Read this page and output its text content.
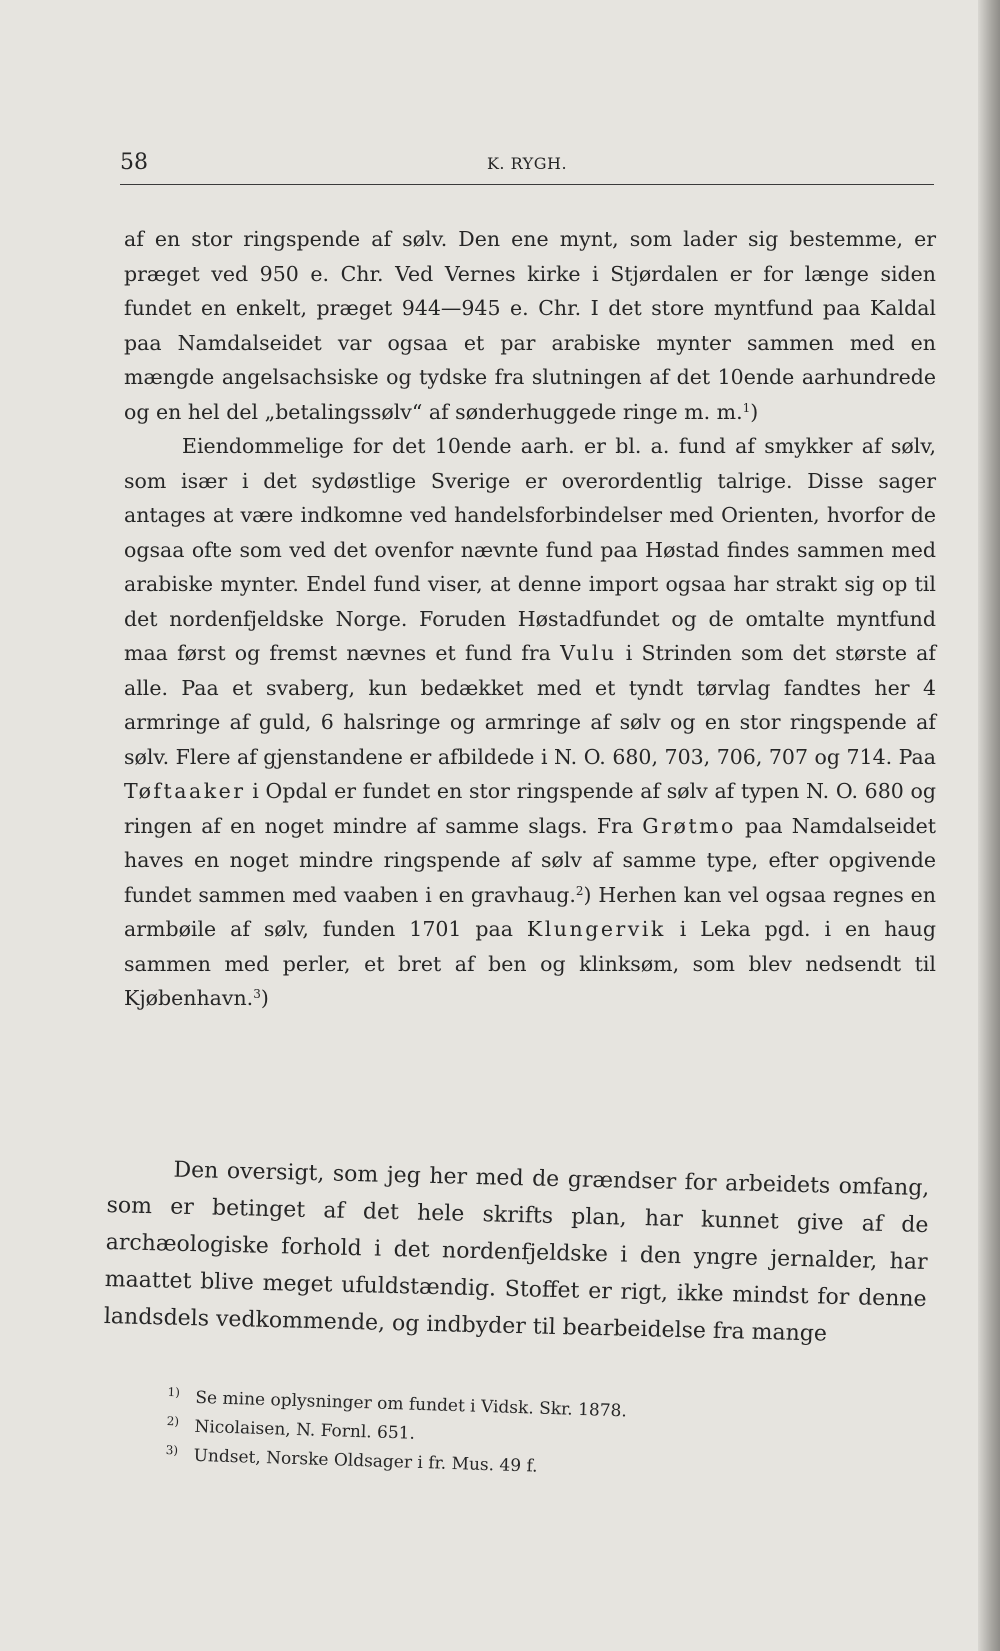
58	K. RYGH.

af en stor ringspende af sølv. Den ene mynt, som lader sig bestemme, er præget ved 950 e. Chr. Ved Vernes kirke i Stjørdalen er for længe siden fundet en enkelt, præget 944—945 e. Chr. I det store myntfund paa Kaldal paa Namdalseidet var ogsaa et par arabiske mynter sammen med en mængde angelsachsiske og tydske fra slutningen af det 10ende aarhundrede og en hel del „betalingssølv“ af sønderhuggede ringe m. m.$^1$)

Eiendommelige for det 10ende aarh. er bl. a. fund af smykker af sølv, som især i det sydøstlige Sverige er overordentlig talrige. Disse sager antages at være indkomne ved handelsforbindelser med Orienten, hvorfor de ogsaa ofte som ved det ovenfor nævnte fund paa Høstad findes sammen med arabiske mynter. Endel fund viser, at denne import ogsaa har strakt sig op til det nordenfjeldske Norge. Foruden Høstadfundet og de omtalte myntfund maa først og fremst nævnes et fund fra Vulu i Strinden som det største af alle. Paa et svaberg, kun bedækket med et tyndt tørvlag fandtes her 4 armringe af guld, 6 halsringe og armringe af sølv og en stor ringspende af sølv. Flere af gjenstandene er afbildede i N. O. 680, 703, 706, 707 og 714. Paa Tøftaaker i Opdal er fundet en stor ringspende af sølv af typen N. O. 680 og ringen af en noget mindre af samme slags. Fra Grøtmo paa Namdalseidet haves en noget mindre ringspende af sølv af samme type, efter opgivende fundet sammen med vaaben i en gravhaug.$^2$) Herhen kan vel ogsaa regnes en armbøile af sølv, funden 1701 paa Klungervik i Leka pgd. i en haug sammen med perler, et bret af ben og klinksøm, som blev nedsendt til Kjøbenhavn.$^3$)

Den oversigt, som jeg her med de grændser for arbeidets omfang, som er betinget af det hele skrifts plan, har kunnet give af de archæologiske forhold i det nordenfjeldske i den yngre jernalder, har maattet blive meget ufuldstændig. Stoffet er rigt, ikke mindst for denne landsdels vedkommende, og indbyder til bearbeidelse fra mange

1) Se mine oplysninger om fundet i Vidsk. Skr. 1878.
2) Nicolaisen, N. Fornl. 651.
3) Undset, Norske Oldsager i fr. Mus. 49 f.
